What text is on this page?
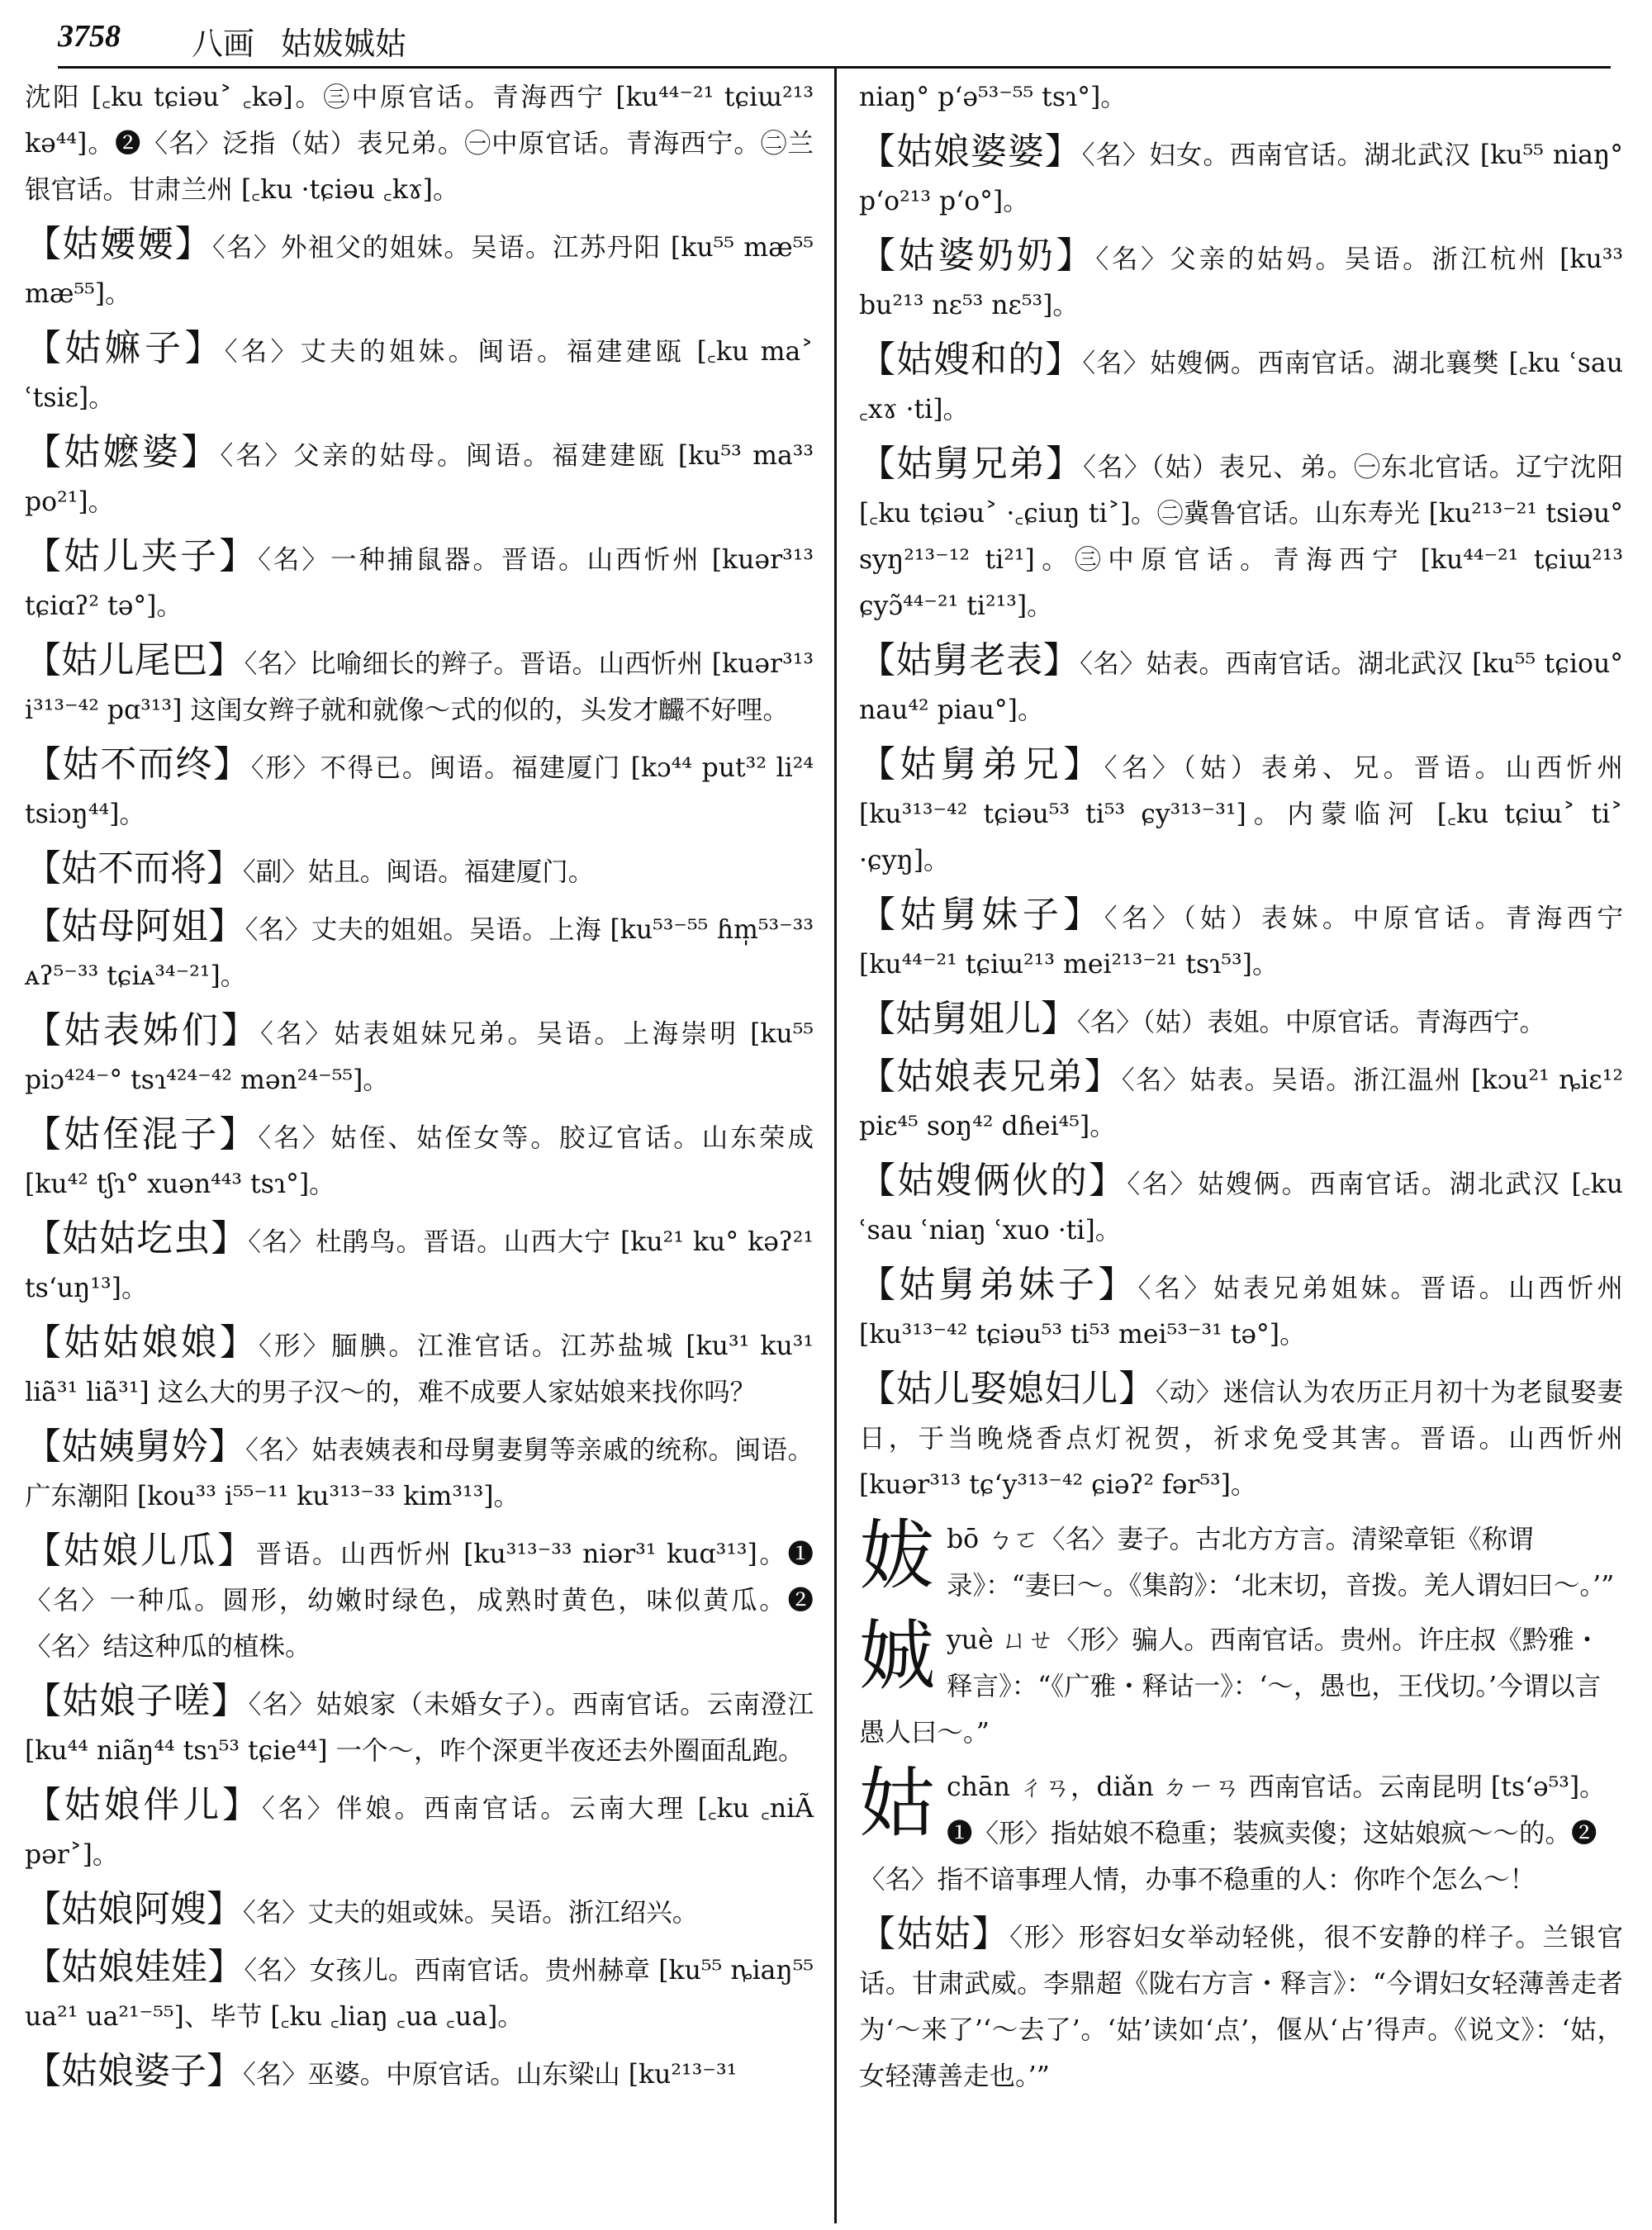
3758 八画 姑妭娍姑
沈阳 [꜀ku tɕiəu˃ ꜀kə]。㊂中原官话。青海西宁 [ku⁴⁴⁻²¹ tɕiɯ²¹³ kə⁴⁴]。❷〈名〉泛指（姑）表兄弟。㊀中原官话。青海西宁。㊁兰银官话。甘肃兰州 [꜀ku ·tɕiəu ꜀kɤ]。
【姑婹婹】〈名〉外祖父的姐妹。吴语。江苏丹阳 [ku⁵⁵ mæ⁵⁵ mæ⁵⁵]。
【姑嫲子】〈名〉丈夫的姐妹。闽语。福建建瓯 [꜀ku ma˃ ʿtsiɛ]。
【姑嬷婆】〈名〉父亲的姑母。闽语。福建建瓯 [ku⁵³ ma³³ po²¹]。
【姑儿夹子】〈名〉一种捕鼠器。晋语。山西忻州 [kuər³¹³ tɕiɑʔ² tə°]。
【姑儿尾巴】〈名〉比喻细长的辫子。晋语。山西忻州 [kuər³¹³ i³¹³⁻⁴² pɑ³¹³] 这闺女辫子就和就像～式的似的，头发才麣不好哩。
【姑不而终】〈形〉不得已。闽语。福建厦门 [kɔ⁴⁴ put³² li²⁴ tsiɔŋ⁴⁴]。
【姑不而将】〈副〉姑且。闽语。福建厦门。
【姑母阿姐】〈名〉丈夫的姐姐。吴语。上海 [ku⁵³⁻⁵⁵ ɦm̩⁵³⁻³³ ᴀʔ⁵⁻³³ tɕiᴀ³⁴⁻²¹]。
【姑表姊们】〈名〉姑表姐妹兄弟。吴语。上海崇明 [ku⁵⁵ piɔ⁴²⁴⁻° tsɿ⁴²⁴⁻⁴² mən²⁴⁻⁵⁵]。
【姑侄混子】〈名〉姑侄、姑侄女等。胶辽官话。山东荣成 [ku⁴² tʃɿ° xuən⁴⁴³ tsɿ°]。
【姑姑圪虫】〈名〉杜鹃鸟。晋语。山西大宁 [ku²¹ ku° kəʔ²¹ tsʻuŋ¹³]。
【姑姑娘娘】〈形〉腼腆。江淮官话。江苏盐城 [ku³¹ ku³¹ liã³¹ liã³¹] 这么大的男子汉～的，难不成要人家姑娘来找你吗？
【姑姨舅妗】〈名〉姑表姨表和母舅妻舅等亲戚的统称。闽语。广东潮阳 [kou³³ i⁵⁵⁻¹¹ ku³¹³⁻³³ kim³¹³]。
【姑娘儿瓜】晋语。山西忻州 [ku³¹³⁻³³ niər³¹ kuɑ³¹³]。❶〈名〉一种瓜。圆形，幼嫩时绿色，成熟时黄色，味似黄瓜。❷〈名〉结这种瓜的植株。
【姑娘子嗟】〈名〉姑娘家（未婚女子）。西南官话。云南澄江 [ku⁴⁴ niãŋ⁴⁴ tsɿ⁵³ tɕie⁴⁴] 一个～，咋个深更半夜还去外圈面乱跑。
【姑娘伴儿】〈名〉伴娘。西南官话。云南大理 [꜀ku ꜀niÃ pər˃]。
【姑娘阿嫂】〈名〉丈夫的姐或妹。吴语。浙江绍兴。
【姑娘娃娃】〈名〉女孩儿。西南官话。贵州赫章 [ku⁵⁵ ȵiaŋ⁵⁵ ua²¹ ua²¹⁻⁵⁵]、毕节 [꜀ku ꜀liaŋ ꜀ua ꜀ua]。
【姑娘婆子】〈名〉巫婆。中原官话。山东梁山 [ku²¹³⁻³¹
niaŋ° pʻə⁵³⁻⁵⁵ tsɿ°]。
【姑娘婆婆】〈名〉妇女。西南官话。湖北武汉 [ku⁵⁵ niaŋ° pʻo²¹³ pʻo°]。
【姑婆奶奶】〈名〉父亲的姑妈。吴语。浙江杭州 [ku³³ bu²¹³ nɛ⁵³ nɛ⁵³]。
【姑嫂和的】〈名〉姑嫂俩。西南官话。湖北襄樊 [꜀ku ʿsau ꜀xɤ ·ti]。
【姑舅兄弟】〈名〉（姑）表兄、弟。㊀东北官话。辽宁沈阳 [꜀ku tɕiəu˃ ·꜀ɕiuŋ ti˃]。㊁冀鲁官话。山东寿光 [ku²¹³⁻²¹ tsiəu° syŋ²¹³⁻¹² ti²¹]。㊂中原官话。青海西宁 [ku⁴⁴⁻²¹ tɕiɯ²¹³ ɕyɔ̃⁴⁴⁻²¹ ti²¹³]。
【姑舅老表】〈名〉姑表。西南官话。湖北武汉 [ku⁵⁵ tɕiou° nau⁴² piau°]。
【姑舅弟兄】〈名〉（姑）表弟、兄。晋语。山西忻州 [ku³¹³⁻⁴² tɕiəu⁵³ ti⁵³ ɕy³¹³⁻³¹]。内蒙临河 [꜀ku tɕiɯ˃ ti˃ ·ɕyŋ]。
【姑舅妹子】〈名〉（姑）表妹。中原官话。青海西宁 [ku⁴⁴⁻²¹ tɕiɯ²¹³ mei²¹³⁻²¹ tsɿ⁵³]。
【姑舅姐儿】〈名〉（姑）表姐。中原官话。青海西宁。
【姑娘表兄弟】〈名〉姑表。吴语。浙江温州 [kɔu²¹ ȵiɛ¹² piɛ⁴⁵ soŋ⁴² dɦei⁴⁵]。
【姑嫂俩伙的】〈名〉姑嫂俩。西南官话。湖北武汉 [꜀ku ʿsau ʿniaŋ ʿxuo ·ti]。
【姑舅弟妹子】〈名〉姑表兄弟姐妹。晋语。山西忻州 [ku³¹³⁻⁴² tɕiəu⁵³ ti⁵³ mei⁵³⁻³¹ tə°]。
【姑儿娶媳妇儿】〈动〉迷信认为农历正月初十为老鼠娶妻日，于当晚烧香点灯祝贺，祈求免受其害。晋语。山西忻州 [kuər³¹³ tɕʻy³¹³⁻⁴² ɕiəʔ² fər⁵³]。
妭 bō ㄅㄛ〈名〉妻子。古北方方言。清梁章钜《称谓录》：“妻曰～。《集韵》：‘北末切，音拨。羌人谓妇曰～。’”
娍 yuè ㄩㄝ〈形〉骗人。西南官话。贵州。许庄叔《黔雅・释言》：“《广雅・释诂一》：‘～，愚也，王伐切。’今谓以言愚人曰～。”
姑 chān ㄔㄢ，diǎn ㄉㄧㄢ 西南官话。云南昆明 [tsʻə⁵³]。❶〈形〉指姑娘不稳重；装疯卖傻；这姑娘疯～～的。❷〈名〉指不谙事理人情，办事不稳重的人：你咋个怎么～！
【姑姑】〈形〉形容妇女举动轻佻，很不安静的样子。兰银官话。甘肃武威。李鼎超《陇右方言・释言》：“今谓妇女轻薄善走者为‘～来了’‘～去了’。‘姑’读如‘点’，偃从‘占’得声。《说文》：‘姑，女轻薄善走也。’”
